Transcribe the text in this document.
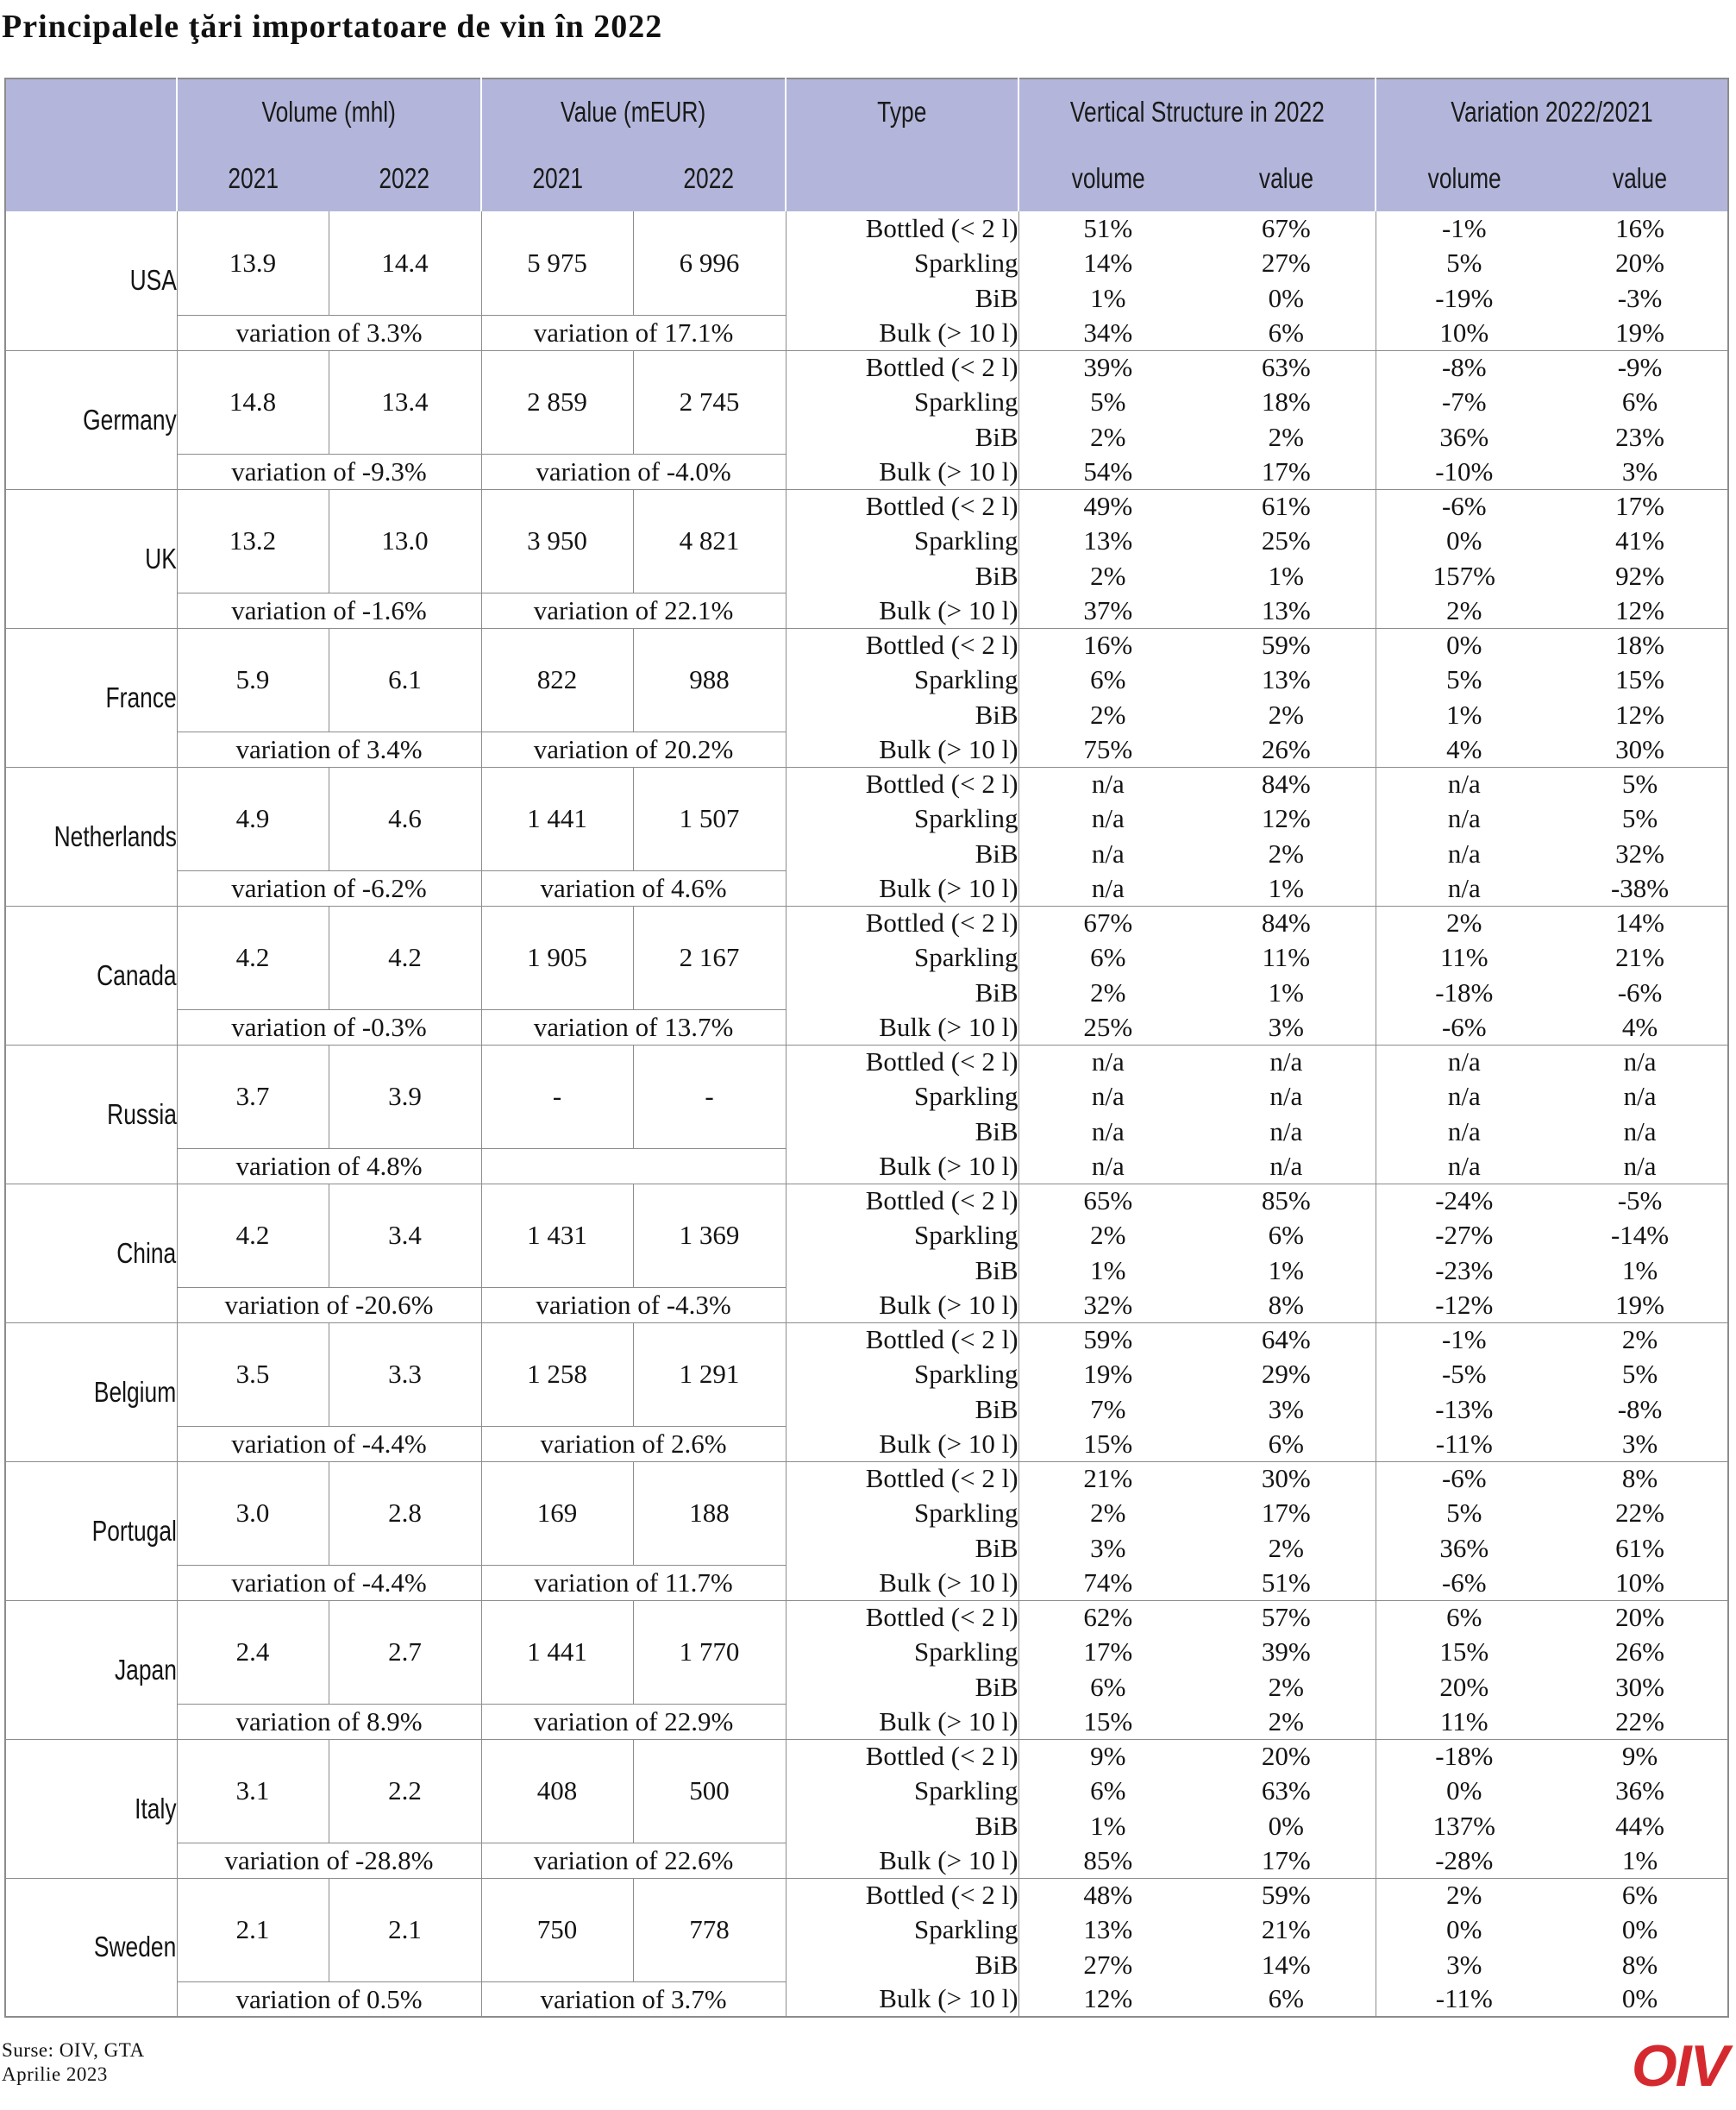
Principalele ţări importatoare de vin în 2022
	Volume (mhl)		Value (mEUR)		Type	Vertical Structure in 2022		Variation 2022/2021	
	2021	2022	2021	2022		volume	value	volume	value
USA	13.9	14.4	5 975	6 996	Bottled (< 2 l)	51%	67%	-1%	16%
					Sparkling	14%	27%	5%	20%
					BiB	1%	0%	-19%	-3%
	variation of 3.3%		variation of 17.1%		Bulk (> 10 l)	34%	6%	10%	19%
Germany	14.8	13.4	2 859	2 745	Bottled (< 2 l)	39%	63%	-8%	-9%
					Sparkling	5%	18%	-7%	6%
					BiB	2%	2%	36%	23%
	variation of -9.3%		variation of -4.0%		Bulk (> 10 l)	54%	17%	-10%	3%
UK	13.2	13.0	3 950	4 821	Bottled (< 2 l)	49%	61%	-6%	17%
					Sparkling	13%	25%	0%	41%
					BiB	2%	1%	157%	92%
	variation of -1.6%		variation of 22.1%		Bulk (> 10 l)	37%	13%	2%	12%
France	5.9	6.1	822	988	Bottled (< 2 l)	16%	59%	0%	18%
					Sparkling	6%	13%	5%	15%
					BiB	2%	2%	1%	12%
	variation of 3.4%		variation of 20.2%		Bulk (> 10 l)	75%	26%	4%	30%
Netherlands	4.9	4.6	1 441	1 507	Bottled (< 2 l)	n/a	84%	n/a	5%
					Sparkling	n/a	12%	n/a	5%
					BiB	n/a	2%	n/a	32%
	variation of -6.2%		variation of 4.6%		Bulk (> 10 l)	n/a	1%	n/a	-38%
Canada	4.2	4.2	1 905	2 167	Bottled (< 2 l)	67%	84%	2%	14%
					Sparkling	6%	11%	11%	21%
					BiB	2%	1%	-18%	-6%
	variation of -0.3%		variation of 13.7%		Bulk (> 10 l)	25%	3%	-6%	4%
Russia	3.7	3.9	-	-	Bottled (< 2 l)	n/a	n/a	n/a	n/a
					Sparkling	n/a	n/a	n/a	n/a
					BiB	n/a	n/a	n/a	n/a
	variation of 4.8%				Bulk (> 10 l)	n/a	n/a	n/a	n/a
China	4.2	3.4	1 431	1 369	Bottled (< 2 l)	65%	85%	-24%	-5%
					Sparkling	2%	6%	-27%	-14%
					BiB	1%	1%	-23%	1%
	variation of -20.6%		variation of -4.3%		Bulk (> 10 l)	32%	8%	-12%	19%
Belgium	3.5	3.3	1 258	1 291	Bottled (< 2 l)	59%	64%	-1%	2%
					Sparkling	19%	29%	-5%	5%
					BiB	7%	3%	-13%	-8%
	variation of -4.4%		variation of 2.6%		Bulk (> 10 l)	15%	6%	-11%	3%
Portugal	3.0	2.8	169	188	Bottled (< 2 l)	21%	30%	-6%	8%
					Sparkling	2%	17%	5%	22%
					BiB	3%	2%	36%	61%
	variation of -4.4%		variation of 11.7%		Bulk (> 10 l)	74%	51%	-6%	10%
Japan	2.4	2.7	1 441	1 770	Bottled (< 2 l)	62%	57%	6%	20%
					Sparkling	17%	39%	15%	26%
					BiB	6%	2%	20%	30%
	variation of 8.9%		variation of 22.9%		Bulk (> 10 l)	15%	2%	11%	22%
Italy	3.1	2.2	408	500	Bottled (< 2 l)	9%	20%	-18%	9%
					Sparkling	6%	63%	0%	36%
					BiB	1%	0%	137%	44%
	variation of -28.8%		variation of 22.6%		Bulk (> 10 l)	85%	17%	-28%	1%
Sweden	2.1	2.1	750	778	Bottled (< 2 l)	48%	59%	2%	6%
					Sparkling	13%	21%	0%	0%
					BiB	27%	14%	3%	8%
	variation of 0.5%		variation of 3.7%		Bulk (> 10 l)	12%	6%	-11%	0%
Surse: OIV, GTA
Aprilie 2023	OIV
